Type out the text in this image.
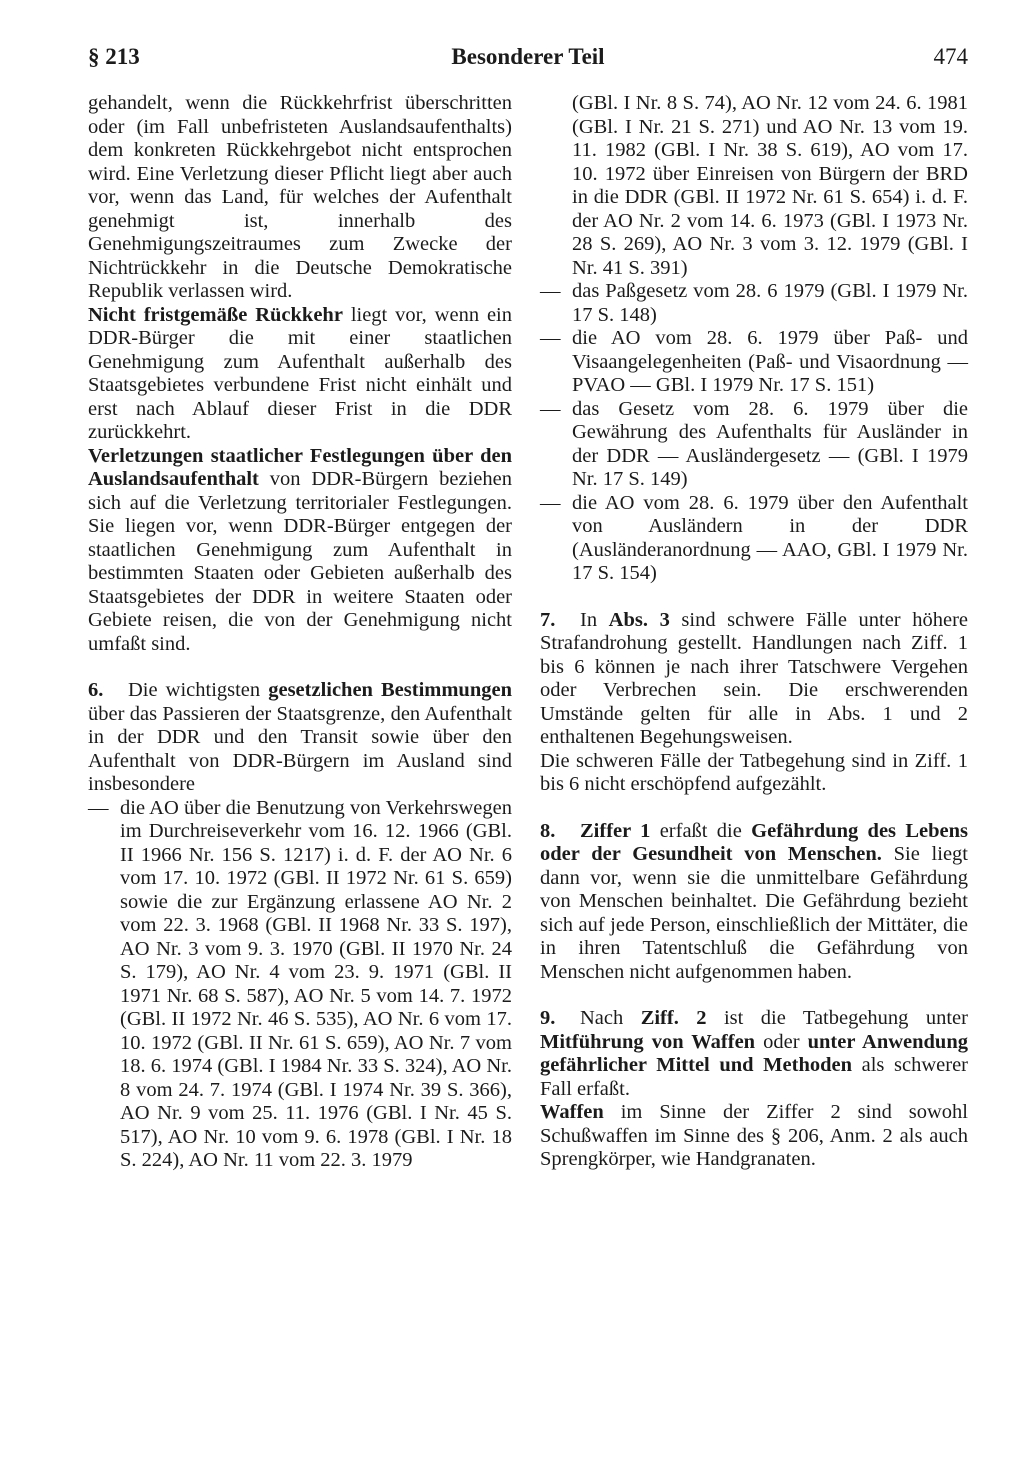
§ 213	Besonderer Teil	474

gehandelt, wenn die Rückkehrfrist überschritten oder (im Fall unbefristeten Auslandsaufenthalts) dem konkreten Rückkehrgebot nicht entsprochen wird. Eine Verletzung dieser Pflicht liegt aber auch vor, wenn das Land, für welches der Aufenthalt genehmigt ist, innerhalb des Genehmigungszeitraumes zum Zwecke der Nichtrückkehr in die Deutsche Demokratische Republik verlassen wird.

Nicht fristgemäße Rückkehr liegt vor, wenn ein DDR-Bürger die mit einer staatlichen Genehmigung zum Aufenthalt außerhalb des Staatsgebietes verbundene Frist nicht einhält und erst nach Ablauf dieser Frist in die DDR zurückkehrt.

Verletzungen staatlicher Festlegungen über den Auslandsaufenthalt von DDR-Bürgern beziehen sich auf die Verletzung territorialer Festlegungen. Sie liegen vor, wenn DDR-Bürger entgegen der staatlichen Genehmigung zum Aufenthalt in bestimmten Staaten oder Gebieten außerhalb des Staatsgebietes der DDR in weitere Staaten oder Gebiete reisen, die von der Genehmigung nicht umfaßt sind.

6. Die wichtigsten gesetzlichen Bestimmungen über das Passieren der Staatsgrenze, den Aufenthalt in der DDR und den Transit sowie über den Aufenthalt von DDR-Bürgern im Ausland sind insbesondere

— die AO über die Benutzung von Verkehrswegen im Durchreiseverkehr vom 16. 12. 1966 (GBl. II 1966 Nr. 156 S. 1217) i. d. F. der AO Nr. 6 vom 17. 10. 1972 (GBl. II 1972 Nr. 61 S. 659) sowie die zur Ergänzung erlassene AO Nr. 2 vom 22. 3. 1968 (GBl. II 1968 Nr. 33 S. 197), AO Nr. 3 vom 9. 3. 1970 (GBl. II 1970 Nr. 24 S. 179), AO Nr. 4 vom 23. 9. 1971 (GBl. II 1971 Nr. 68 S. 587), AO Nr. 5 vom 14. 7. 1972 (GBl. II 1972 Nr. 46 S. 535), AO Nr. 6 vom 17. 10. 1972 (GBl. II Nr. 61 S. 659), AO Nr. 7 vom 18. 6. 1974 (GBl. I 1984 Nr. 33 S. 324), AO Nr. 8 vom 24. 7. 1974 (GBl. I 1974 Nr. 39 S. 366), AO Nr. 9 vom 25. 11. 1976 (GBl. I Nr. 45 S. 517), AO Nr. 10 vom 9. 6. 1978 (GBl. I Nr. 18 S. 224), AO Nr. 11 vom 22. 3. 1979
(GBl. I Nr. 8 S. 74), AO Nr. 12 vom 24. 6. 1981 (GBl. I Nr. 21 S. 271) und AO Nr. 13 vom 19. 11. 1982 (GBl. I Nr. 38 S. 619), AO vom 17. 10. 1972 über Einreisen von Bürgern der BRD in die DDR (GBl. II 1972 Nr. 61 S. 654) i. d. F. der AO Nr. 2 vom 14. 6. 1973 (GBl. I 1973 Nr. 28 S. 269), AO Nr. 3 vom 3. 12. 1979 (GBl. I Nr. 41 S. 391)
— das Paßgesetz vom 28. 6 1979 (GBl. I 1979 Nr. 17 S. 148)
— die AO vom 28. 6. 1979 über Paß- und Visaangelegenheiten (Paß- und Visaordnung — PVAO — GBl. I 1979 Nr. 17 S. 151)
— das Gesetz vom 28. 6. 1979 über die Gewährung des Aufenthalts für Ausländer in der DDR — Ausländergesetz — (GBl. I 1979 Nr. 17 S. 149)
— die AO vom 28. 6. 1979 über den Aufenthalt von Ausländern in der DDR (Ausländeranordnung — AAO, GBl. I 1979 Nr. 17 S. 154)

7. In Abs. 3 sind schwere Fälle unter höhere Strafandrohung gestellt. Handlungen nach Ziff. 1 bis 6 können je nach ihrer Tatschwere Vergehen oder Verbrechen sein. Die erschwerenden Umstände gelten für alle in Abs. 1 und 2 enthaltenen Begehungsweisen.

Die schweren Fälle der Tatbegehung sind in Ziff. 1 bis 6 nicht erschöpfend aufgezählt.

8. Ziffer 1 erfaßt die Gefährdung des Lebens oder der Gesundheit von Menschen. Sie liegt dann vor, wenn sie die unmittelbare Gefährdung von Menschen beinhaltet. Die Gefährdung bezieht sich auf jede Person, einschließlich der Mittäter, die in ihren Tatentschluß die Gefährdung von Menschen nicht aufgenommen haben.

9. Nach Ziff. 2 ist die Tatbegehung unter Mitführung von Waffen oder unter Anwendung gefährlicher Mittel und Methoden als schwerer Fall erfaßt.

Waffen im Sinne der Ziffer 2 sind sowohl Schußwaffen im Sinne des § 206, Anm. 2 als auch Sprengkörper, wie Handgranaten.
